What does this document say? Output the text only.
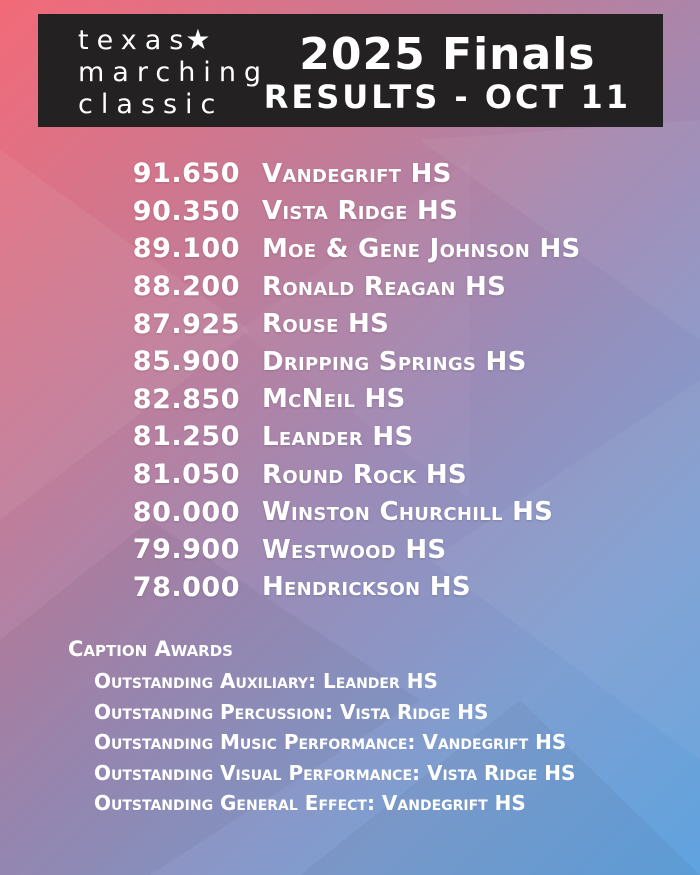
texas★
marching
classic
2025 Finals
RESULTS - OCT 11
91.650 Vandegrift HS
90.350 Vista Ridge HS
89.100 Moe & Gene Johnson HS
88.200 Ronald Reagan HS
87.925 Rouse HS
85.900 Dripping Springs HS
82.850 McNeil HS
81.250 Leander HS
81.050 Round Rock HS
80.000 Winston Churchill HS
79.900 Westwood HS
78.000 Hendrickson HS
Caption Awards
Outstanding Auxiliary: Leander HS
Outstanding Percussion: Vista Ridge HS
Outstanding Music Performance: Vandegrift HS
Outstanding Visual Performance: Vista Ridge HS
Outstanding General Effect: Vandegrift HS
